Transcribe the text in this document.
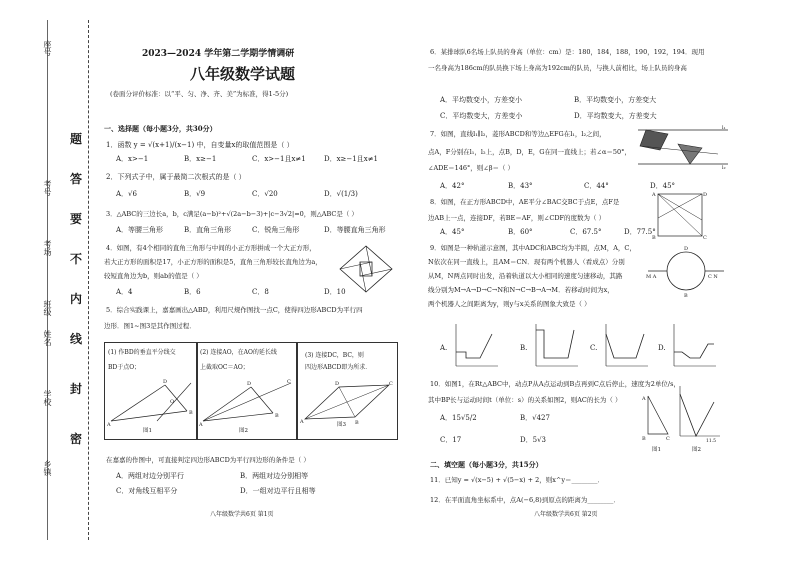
座号
考号
考场
班级
姓名
学校
乡镇
题
答
要
不
内
线
封
密
2023—2024 学年第二学期学情调研
八年级数学试题
(卷面分评价标准：以“平、匀、净、齐、美”为标准，得1-5分)
一、选择题（每小题3分，共30分）
1．函数 y = √(x+1)/(x−1) 中，自变量x的取值范围是（ ）
A．x>−1	B．x≥−1	C．x>−1且x≠1	D．x≥−1且x≠1
2．下列式子中，属于最简二次根式的是（ ）
A．√6	B．√9	C．√20	D．√(1/3)
3．△ABC的三边长a，b，c满足(a−b)²+√(2a−b−3)+|c−3√2|=0，则△ABC是（ ）
A．等腰三角形	B．直角三角形	C．锐角三角形	D．等腰直角三角形
4．如图，有4个相同的直角三角形与中间的小正方形拼成一个大正方形，
若大正方形的面积是17，小正方形的面积是5，直角三角形较长直角边为a，
较短直角边为b，则ab的值是（ ）
A．4	B．6	C．8	D．10
5．综合实践课上，嘉嘉画出△ABD，利用尺规作图找一点C，使得四边形ABCD为平行四
边形．图1~图3是其作图过程．
(1) 作BD的垂直平分线交
BD于点O；
A
D
B
O
图1
(2) 连接AO，在AO的延长线
上截取OC＝AO；
A
D
B
C
图2
(3) 连接DC，BC，则
四边形ABCD即为所求．
A
D	C
B
图3
在嘉嘉的作图中，可直接判定四边形ABCD为平行四边形的条件是（ ）
A．两组对边分别平行	B．两组对边分别相等
C．对角线互相平分	D．一组对边平行且相等
八年级数学共6页 第1页
6．某排球队6名场上队员的身高（单位：cm）是：180，184，188，190，192，194．现用
一名身高为186cm的队员换下场上身高为192cm的队员，与换人前相比，场上队员的身高
A．平均数变小，方差变小	B．平均数变小，方差变大
C．平均数变大，方差变小	D．平均数变大，方差变大
7．如图，直线l₁∥l₂，菱形ABCD和等边△EFG在l₁，l₂之间，
点A，F分别在l₁，l₂上，点B，D，E，G在同一直线上；若∠α＝50°，
∠ADE＝146°，则∠β＝（ ）
l₁
l₂
A．42°	B．43°	C．44°	D．45°
8．如图，在正方形ABCD中，AE平分∠BAC交BC于点E，点F是
边AB上一点，连接DF，若BE＝AF，则∠CDF的度数为（ ）
A	D
B	C
A．45°	B．60°	C．67.5°	D．77.5°
9．如图是一种轨道示意图，其中ADC和ABC均为半圆，点M，A，C，
N依次在同一直线上，且AM＝CN．现有两个机器人（看成点）分别
从M，N两点同时出发，沿着轨道以大小相同的速度匀速移动，其路
线分别为M→A→D→C→N和N→C→B→A→M．若移动时间为x，
两个机器人之间距离为y，则y与x关系的图象大致是（ ）
M A	C N
D
B
A.	B.	C.	D.
10．如图1，在Rt△ABC中，动点P从A点运动到B点再到C点后停止，速度为2单位/s，
其中BP长与运动时间t（单位：s）的关系如图2，则AC的长为（ ）
A．15√5/2	B．√427
C．17	D．5√3
A
B	C
图1
11.5
图2
二、填空题（每小题3分，共15分）
11．已知y = √(x−5) + √(5−x) + 2，则x^y＝________．
12．在平面直角坐标系中，点A(−6,8)到原点的距离为________．
八年级数学共6页 第2页
